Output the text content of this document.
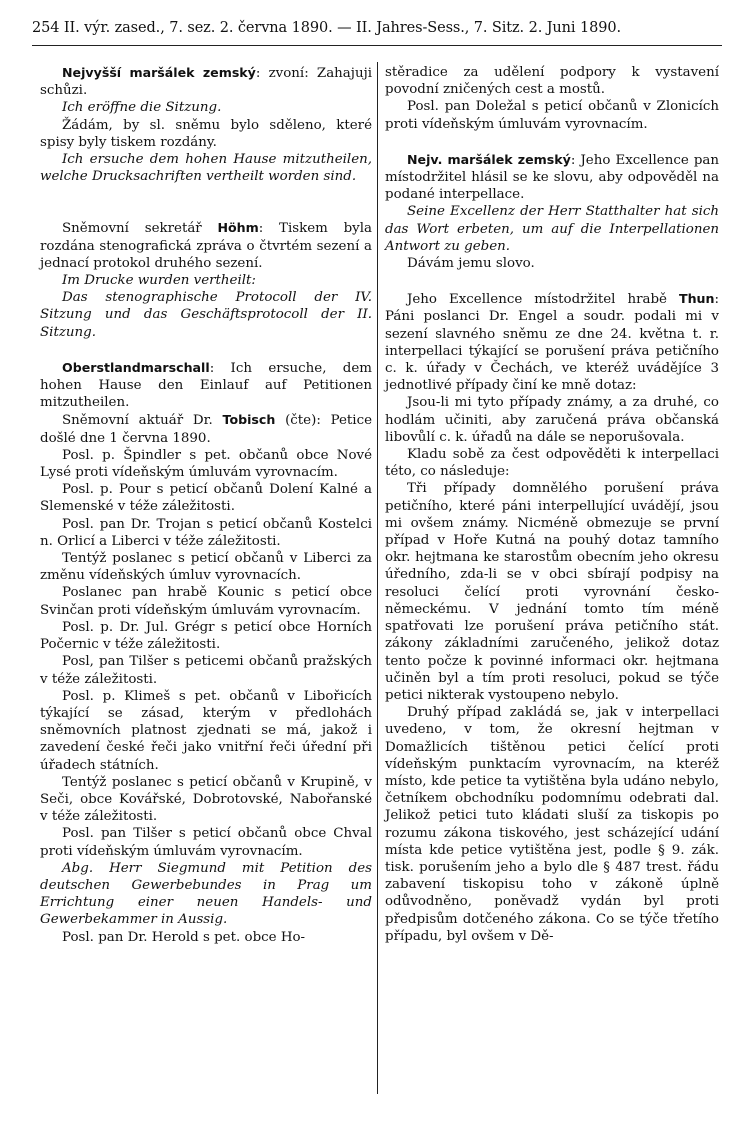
254 II. výr. zased., 7. sez. 2. června 1890. — II. Jahres-Sess., 7. Sitz. 2. Juni 1890.

Nejvyšší maršálek zemský: zvoní: Zahajuji schůzi.

Ich eröffne die Sitzung.

Žádám, by sl. sněmu bylo sděleno, které spisy byly tiskem rozdány.

Ich ersuche dem hohen Hause mitzutheilen, welche Drucksachriften vertheilt worden sind.

Sněmovní sekretář Höhm: Tiskem byla rozdána stenografická zpráva o čtvrtém sezení a jednací protokol druhého sezení.

Im Drucke wurden vertheilt:

Das stenographische Protocoll der IV. Sitzung und das Geschäftsprotocoll der II. Sitzung.

Oberstlandmarschall: Ich ersuche, dem hohen Hause den Einlauf auf Petitionen mitzutheilen.

Sněmovní aktuář Dr. Tobisch (čte): Petice došlé dne 1 června 1890.

Posl. p. Špindler s pet. občanů obce Nové Lysé proti vídeňským úmluvám vyrovnacím.

Posl. p. Pour s peticí občanů Dolení Kalné a Slemenské v téže záležitosti.

Posl. pan Dr. Trojan s peticí občanů Kostelci n. Orlicí a Liberci v téže záležitosti.

Tentýž poslanec s peticí občanů v Liberci za změnu vídeňských úmluv vyrovnacích.

Poslanec pan hrabě Kounic s peticí obce Svinčan proti vídeňským úmluvám vyrovnacím.

Posl. p. Dr. Jul. Grégr s peticí obce Horních Počernic v téže záležitosti.

Posl, pan Tilšer s peticemi občanů pražských v téže záležitosti.

Posl. p. Klimeš s pet. občanů v Libořicích týkající se zásad, kterým v předlohách sněmovních platnost zjednati se má, jakož i zavedení české řeči jako vnitřní řeči úřední při úřadech státních.

Tentýž poslanec s peticí občanů v Krupině, v Seči, obce Kovářské, Dobrotovské, Nabořanské v téže záležitosti.

Posl. pan Tilšer s peticí občanů obce Chval proti vídeňským úmluvám vyrovnacím.

Abg. Herr Siegmund mit Petition des deutschen Gewerbebundes in Prag um Errichtung einer neuen Handels- und Gewerbekammer in Aussig.

Posl. pan Dr. Herold s pet. obce Ho-

stěradice za udělení podpory k vystavení povodní zničených cest a mostů.

Posl. pan Doležal s peticí občanů v Zlonicích proti vídeňským úmluvám vyrovnacím.

Nejv. maršálek zemský: Jeho Excellence pan místodržitel hlásil se ke slovu, aby odpověděl na podané interpellace.

Seine Excellenz der Herr Statthalter hat sich das Wort erbeten, um auf die Interpellationen Antwort zu geben.

Dávám jemu slovo.

Jeho Excellence místodržitel hrabě Thun: Páni poslanci Dr. Engel a soudr. podali mi v sezení slavného sněmu ze dne 24. května t. r. interpellaci týkající se porušení práva petičního c. k. úřady v Čechách, ve kteréž uvádějíce 3 jednotlivé případy činí ke mně dotaz:

Jsou-li mi tyto případy známy, a za druhé, co hodlám učiniti, aby zaručená práva občanská libovůlí c. k. úřadů na dále se neporušovala.

Kladu sobě za čest odpověděti k interpellaci této, co následuje:

Tři případy domnělého porušení práva petičního, které páni interpellující uvádějí, jsou mi ovšem známy. Nicméně obmezuje se první případ v Hoře Kutná na pouhý dotaz tamního okr. hejtmana ke starostům obecním jeho okresu úředního, zda-li se v obci sbírají podpisy na resoluci čelící proti vyrovnání česko-německému. V jednání tomto tím méně spatřovati lze porušení práva petičního stát. zákony základními zaručeného, jelikož dotaz tento počze k povinné informaci okr. hejtmana učiněn byl a tím proti resoluci, pokud se týče petici nikterak vystoupeno nebylo.

Druhý případ zakládá se, jak v interpellaci uvedeno, v tom, že okresní hejtman v Domažlicích tištěnou petici čelící proti vídeňským punktacím vyrovnacím, na kteréž místo, kde petice ta vytištěna byla udáno nebylo, četníkem obchodníku podomnímu odebrati dal. Jelikož petici tuto kládati sluší za tiskopis po rozumu zákona tiskového, jest scházející udání místa kde petice vytištěna jest, podle § 9. zák. tisk. porušením jeho a bylo dle § 487 trest. řádu zabavení tiskopisu toho v zákoně úplně odůvodněno, poněvadž vydán byl proti předpisům dotčeného zákona. Co se týče třetího případu, byl ovšem v Dě-
